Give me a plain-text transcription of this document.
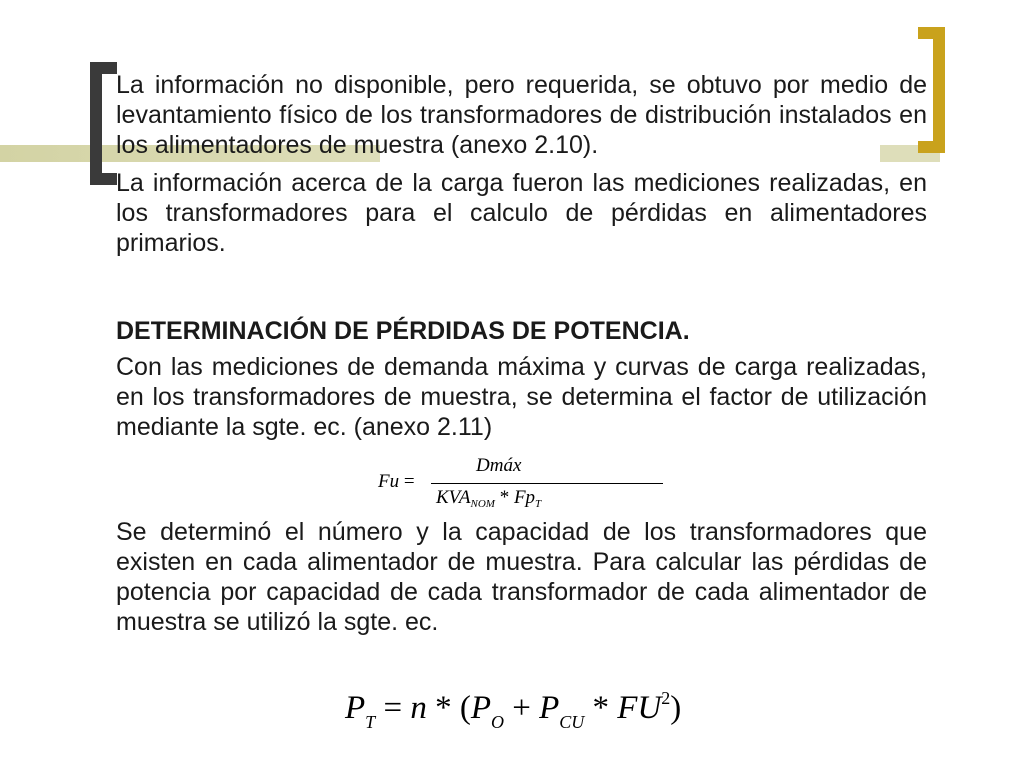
La información no disponible, pero requerida, se obtuvo por medio de levantamiento físico de los transformadores de distribución instalados en los alimentadores de muestra (anexo 2.10).

La información acerca de la carga fueron las mediciones realizadas, en los transformadores para el calculo de pérdidas en alimentadores primarios.

DETERMINACIÓN DE PÉRDIDAS DE POTENCIA.

Con las mediciones de demanda máxima y curvas de carga realizadas, en los transformadores de muestra, se determina el factor de utilización mediante la sgte. ec. (anexo 2.11)

Fu =
Dmáx
$KVA_{NOM} * Fp_T$

Se determinó el número y la capacidad de los transformadores que existen en cada alimentador de muestra. Para calcular las pérdidas de potencia por capacidad de cada transformador de cada alimentador de muestra se utilizó la sgte. ec.

$P_T = n * (P_O + P_{CU} * FU^2)$
